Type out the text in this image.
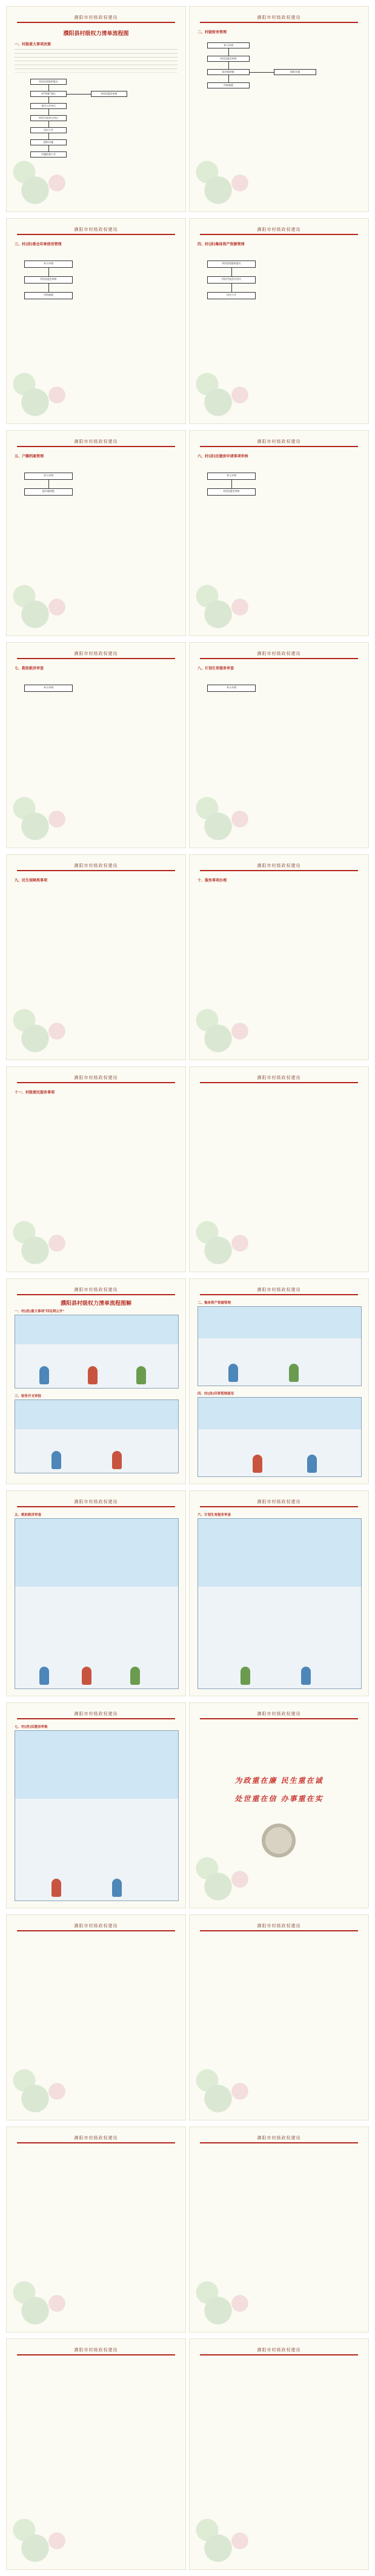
濮阳市村级政权建设
濮阳县村级权力清单流程图
一、村级重大事项决策
村(居)党组织提议
村"两委"商议
党员大会审议
村民代表会议决议
决议公开
组织实施
实施结果公开
村(居)委会审核
濮阳市村级政权建设
二、村级财务管理
本人申请
村(居)委会审核
报乡镇审批
归档备案
组织实施
濮阳市村级政权建设
三、村(居)委会印章使用管理
本人申请
村(居)委会审核
归档备案
濮阳市村级政权建设
四、村(居)集体资产资源管理
村(居)党组织提议
村民代表会议决议
决议公开
濮阳市村级政权建设
五、户籍档案管理
本人申请
报乡镇审批
濮阳市村级政权建设
六、村(居)民建房申请事项审核
本人申请
村(居)委会审核
濮阳市村级政权建设
七、救助救济审查
本人申请
濮阳市村级政权建设
八、计划生育服务审查
本人申请
濮阳市村级政权建设
九、民生保障类事项
濮阳市村级政权建设
十、服务事项办理
濮阳市村级政权建设
十一、村级便民服务事项
濮阳市村级政权建设
濮阳市村级政权建设
濮阳县村级权力清单流程图解
一、村(居)重大事项"四议两公开"
三、财务开支审批
濮阳市村级政权建设
二、集体资产资源管理
四、村(居)印章管理使用
濮阳市村级政权建设
五、救助救济审查
濮阳市村级政权建设
六、计划生育服务审查
濮阳市村级政权建设
七、村(居)民建房审核
濮阳市村级政权建设
为政重在廉 民生重在诚
处世重在信 办事重在实
濮阳市村级政权建设	濮阳市村级政权建设
濮阳市村级政权建设	濮阳市村级政权建设
濮阳市村级政权建设	濮阳市村级政权建设
